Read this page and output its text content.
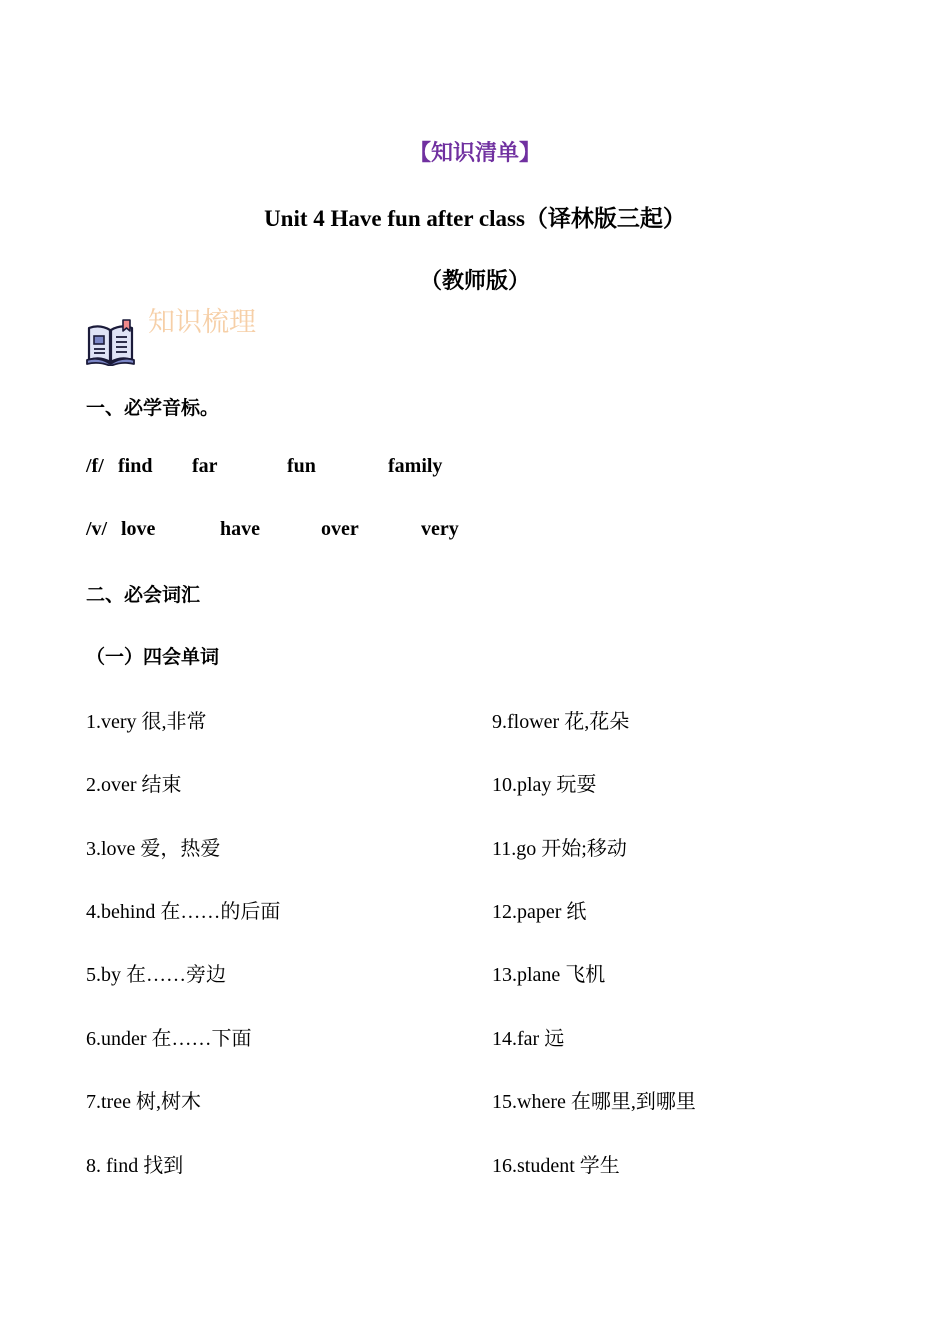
【知识清单】
Unit 4 Have fun after class（译林版三起）
（教师版）
知识梳理
一、必学音标。
/f/ find far	fun	family
/v/ love	have	over	very
二、必会词汇
（一）四会单词
1.very 很,非常
2.over 结束
3.love 爱，热爱
4.behind 在……的后面
5.by 在……旁边
6.under 在……下面
7.tree 树,树木
8. find 找到
9.flower 花,花朵
10.play 玩耍
11.go 开始;移动
12.paper 纸
13.plane 飞机
14.far 远
15.where 在哪里,到哪里
16.student 学生
